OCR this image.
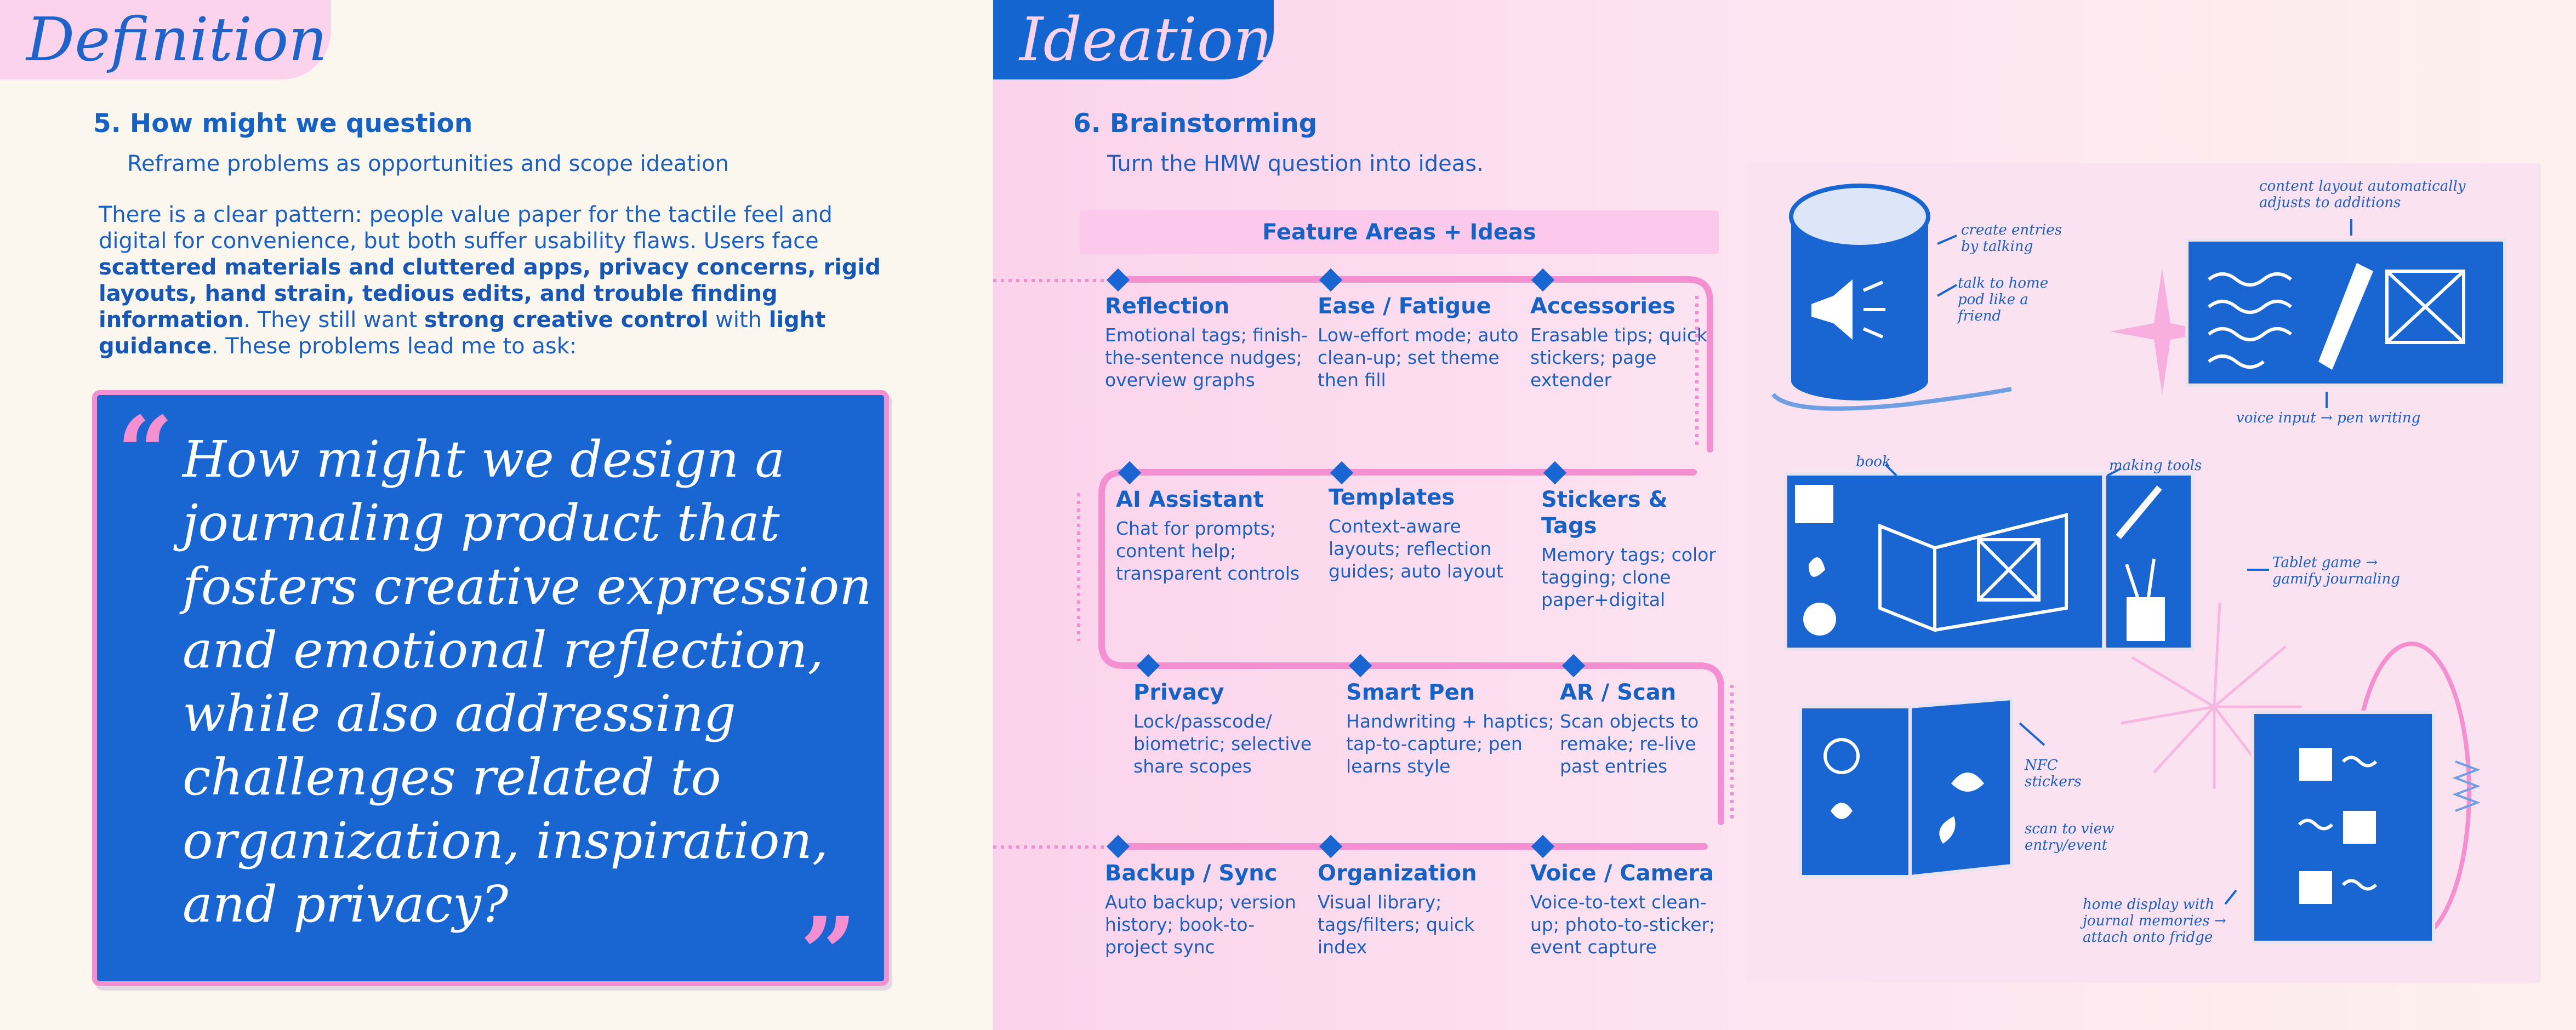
Definition
5. How might we question
Reframe problems as opportunities and scope ideation
There is a clear pattern: people value paper for the tactile feel and digital for convenience, but both suffer usability flaws. Users face scattered materials and cluttered apps, privacy concerns, rigid layouts, hand strain, tedious edits, and trouble finding information. They still want strong creative control with light guidance. These problems lead me to ask:
“ How might we design a journaling product that fosters creative expression and emotional reflection, while also addressing challenges related to organization, inspiration, and privacy?	”
Ideation
6. Brainstorming
Turn the HMW question into ideas.
Feature Areas + Ideas
Reflection
Emotional tags; finish-the-sentence nudges; overview graphs
Ease / Fatigue
Low-effort mode; auto clean-up; set theme then fill
Accessories
Erasable tips; quick stickers; page extender
AI Assistant
Chat for prompts; content help; transparent controls
Templates
Context-aware layouts; reflection guides; auto layout
Stickers & Tags
Memory tags; color tagging; clone paper+digital
Privacy
Lock/passcode/ biometric; selective share scopes
Smart Pen
Handwriting + haptics; tap-to-capture; pen learns style
AR / Scan
Scan objects to remake; re-live past entries
Backup / Sync
Auto backup; version history; book-to-project sync
Organization
Visual library; tags/filters; quick index
Voice / Camera
Voice-to-text clean-up; photo-to-sticker; event capture
create entries by talking
talk to home pod like a friend
content layout automatically adjusts to additions
voice input → pen writing
book	making tools
Tablet game → gamify journaling
NFC stickers
scan to view entry/event
home display with journal memories → attach onto fridge
